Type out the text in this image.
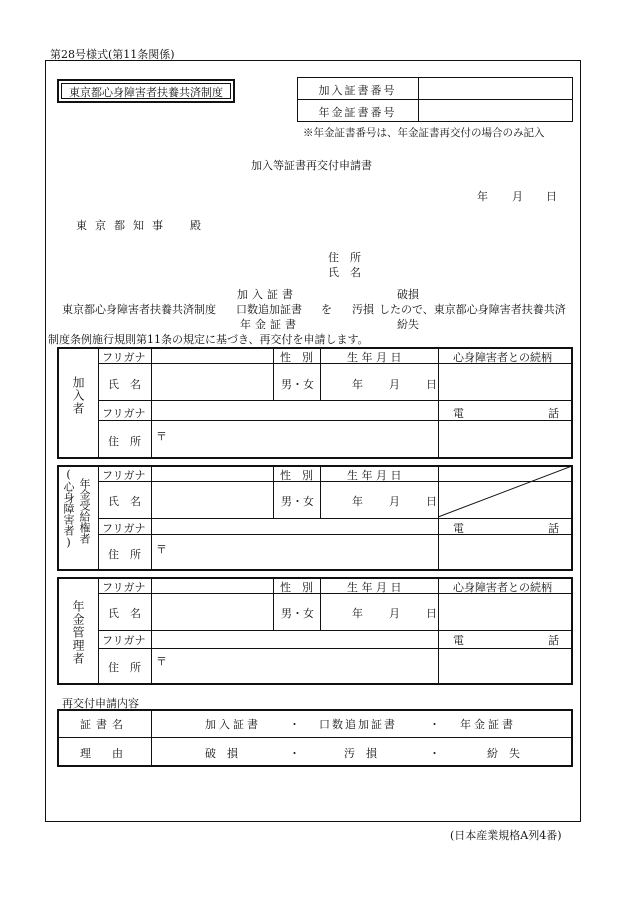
第28号様式(第11条関係)
東京都心身障害者扶養共済制度	加入証書番号
年金証書番号
※年金証書番号は、年金証書再交付の場合のみ記入
加入等証書再交付申請書
年 月 日
東京都知事　殿
住　所
氏　名
加入証書	破損
東京都心身障害者扶養共済制度 口数追加証書 を 汚損 したので、東京都心身障害者扶養共済
年金証書	紛失
制度条例施行規則第11条の規定に基づき、再交付を申請します。
加入者
フリガナ	性　別	生 年 月 日	心身障害者との続柄
氏　名	男・女	年 月 日
フリガナ	電	話
住　所 〒
年金受給権者
(心身障害者) フリガナ	性　別	生 年 月 日
氏　名	男・女	年 月 日
フリガナ	電	話
住　所 〒
年金管理者
フリガナ	性　別	生 年 月 日	心身障害者との続柄
氏　名	男・女	年 月 日
フリガナ	電	話
住　所 〒
再交付申請内容
証書名	加入証書	・ 口数追加証書	・ 年金証書
理　由	破　損	・	汚　損	・	紛　失
(日本産業規格A列4番)
